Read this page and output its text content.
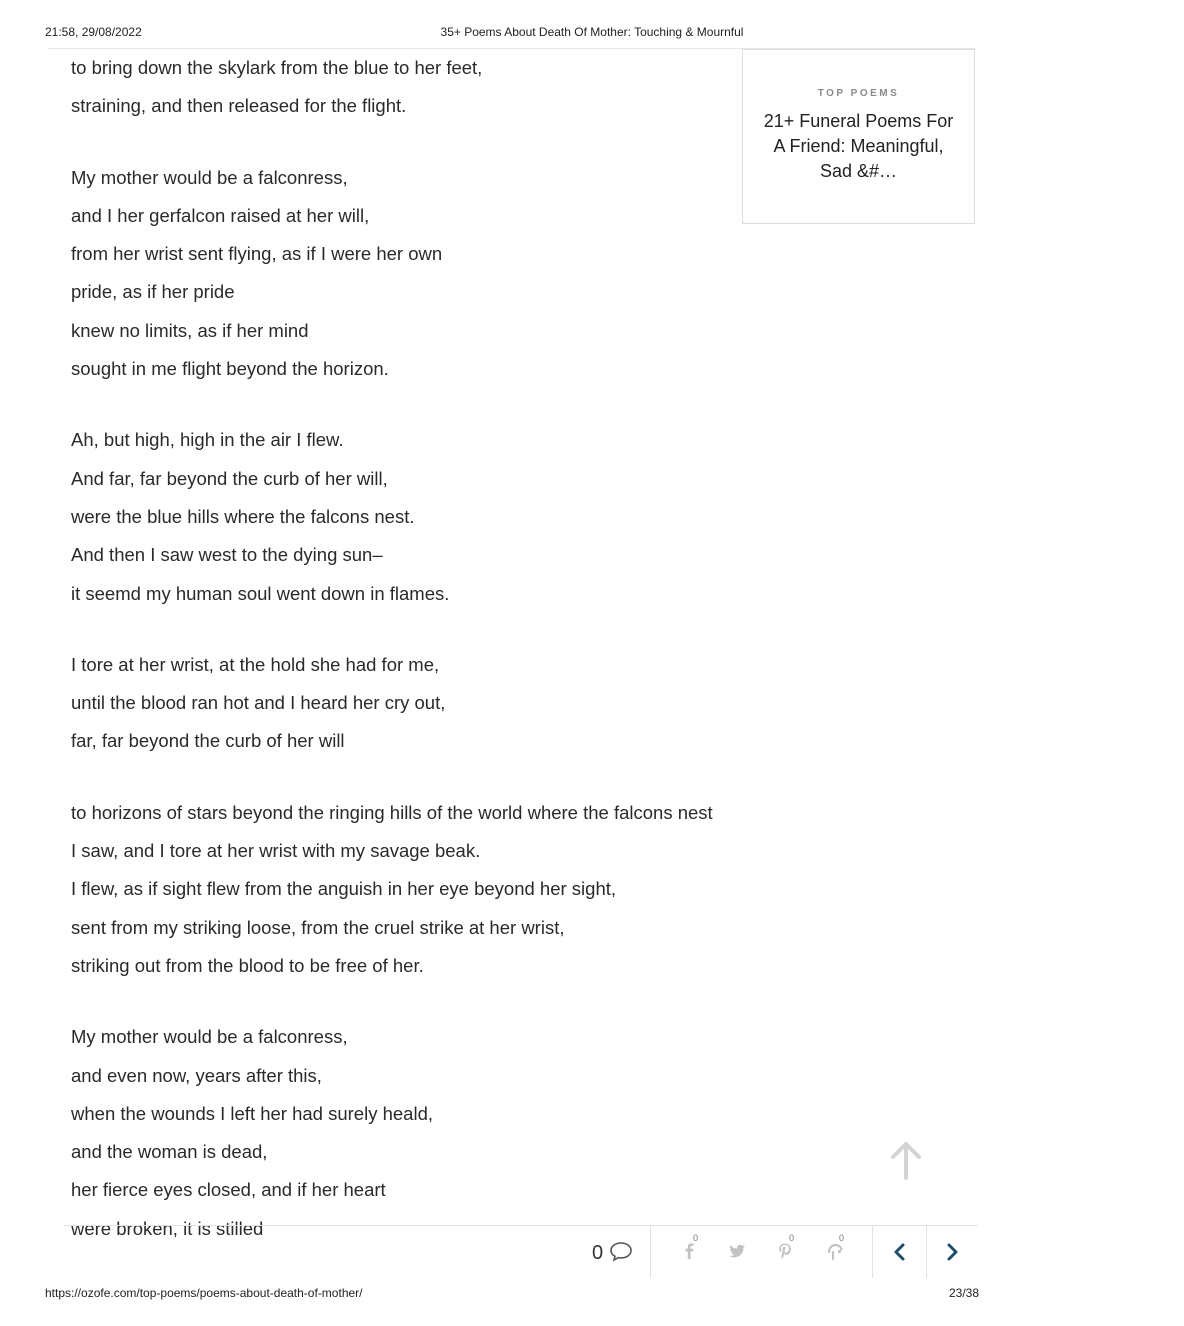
21:58, 29/08/2022	35+ Poems About Death Of Mother: Touching & Mournful
to bring down the skylark from the blue to her feet,
straining, and then released for the flight.
My mother would be a falconress,
and I her gerfalcon raised at her will,
from her wrist sent flying, as if I were her own
pride, as if her pride
knew no limits, as if her mind
sought in me flight beyond the horizon.
Ah, but high, high in the air I flew.
And far, far beyond the curb of her will,
were the blue hills where the falcons nest.
And then I saw west to the dying sun–
it seemd my human soul went down in flames.
I tore at her wrist, at the hold she had for me,
until the blood ran hot and I heard her cry out,
far, far beyond the curb of her will
to horizons of stars beyond the ringing hills of the world where the falcons nest
I saw, and I tore at her wrist with my savage beak.
I flew, as if sight flew from the anguish in her eye beyond her sight,
sent from my striking loose, from the cruel strike at her wrist,
striking out from the blood to be free of her.
My mother would be a falconress,
and even now, years after this,
when the wounds I left her had surely heald,
and the woman is dead,
her fierce eyes closed, and if her heart
were broken, it is stilled
TOP POEMS
21+ Funeral Poems For A Friend: Meaningful, Sad &#…
0
0	0	0
https://ozofe.com/top-poems/poems-about-death-of-mother/	23/38
